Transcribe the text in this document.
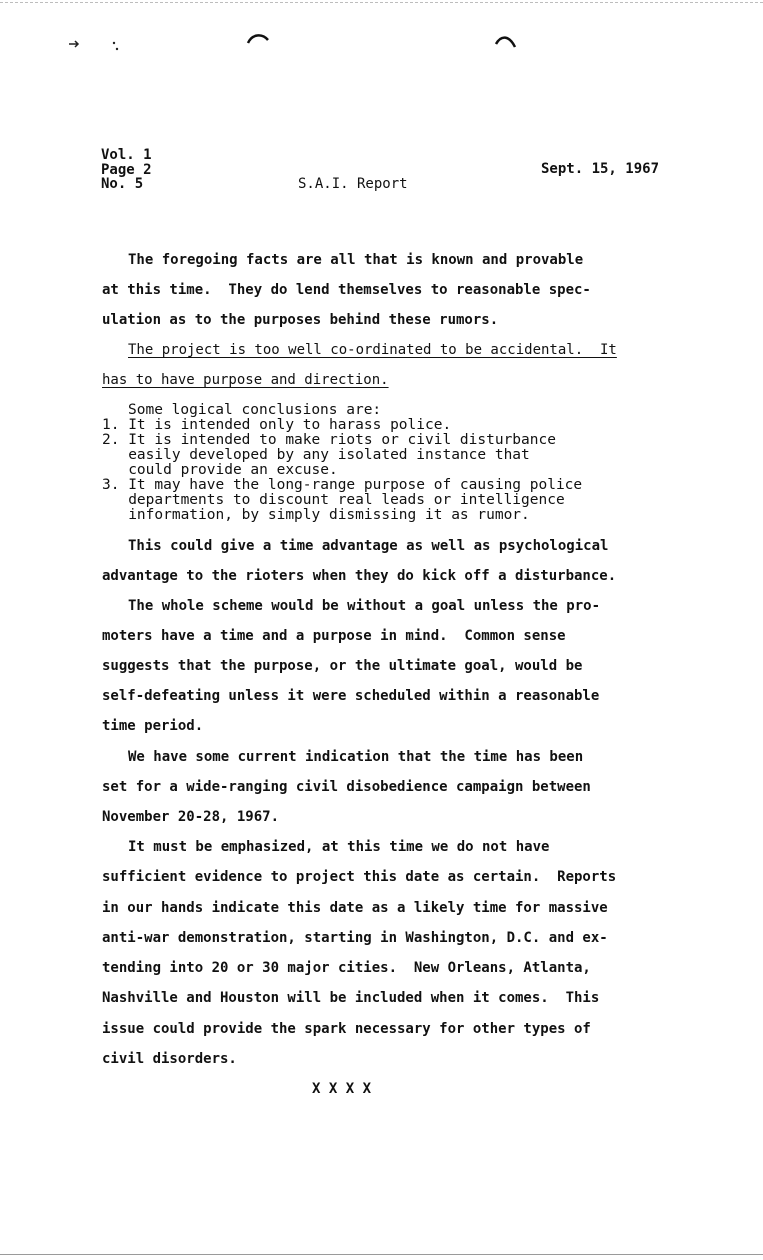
Vol. 1
Page 2
No. 5	S.A.I. Report
Sept. 15, 1967
The foregoing facts are all that is known and provable
at this time.  They do lend themselves to reasonable spec-
ulation as to the purposes behind these rumors.
The project is too well co-ordinated to be accidental.  It
has to have purpose and direction.
Some logical conclusions are:
1. It is intended only to harass police.
2. It is intended to make riots or civil disturbance
easily developed by any isolated instance that
could provide an excuse.
3. It may have the long-range purpose of causing police
departments to discount real leads or intelligence
information, by simply dismissing it as rumor.
This could give a time advantage as well as psychological
advantage to the rioters when they do kick off a disturbance.
The whole scheme would be without a goal unless the pro-
moters have a time and a purpose in mind.  Common sense
suggests that the purpose, or the ultimate goal, would be
self-defeating unless it were scheduled within a reasonable
time period.
We have some current indication that the time has been
set for a wide-ranging civil disobedience campaign between
November 20-28, 1967.
It must be emphasized, at this time we do not have
sufficient evidence to project this date as certain.  Reports
in our hands indicate this date as a likely time for massive
anti-war demonstration, starting in Washington, D.C. and ex-
tending into 20 or 30 major cities.  New Orleans, Atlanta,
Nashville and Houston will be included when it comes.  This
issue could provide the spark necessary for other types of
civil disorders.
X X X X
